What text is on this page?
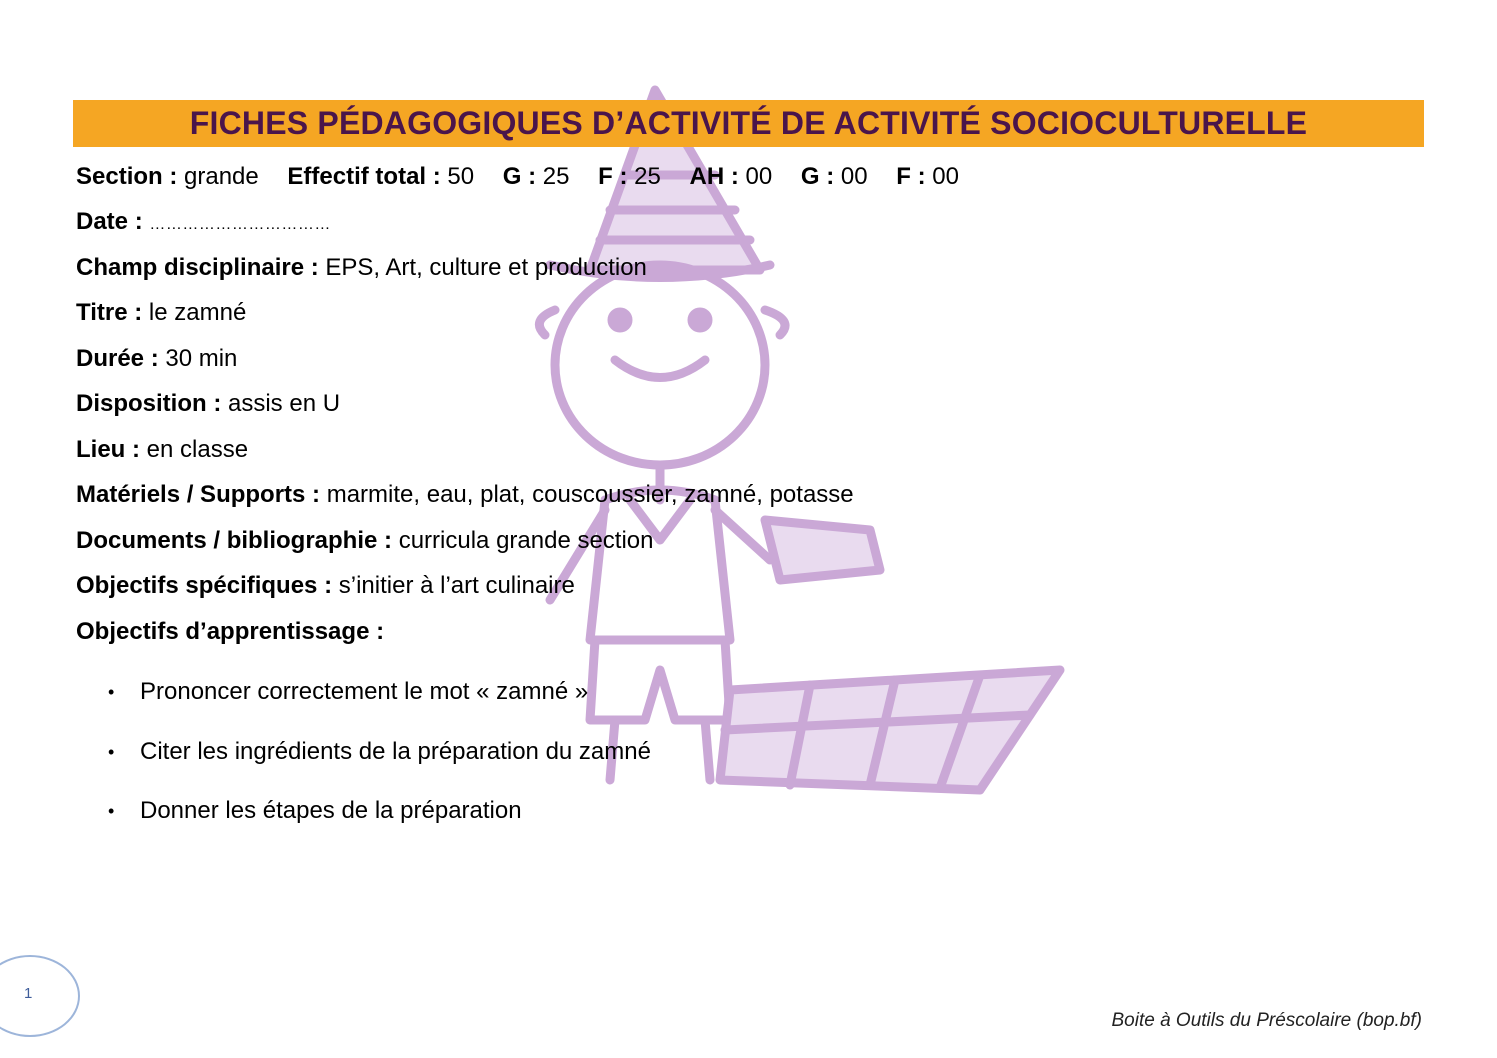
FICHES PÉDAGOGIQUES D’ACTIVITÉ DE ACTIVITÉ SOCIOCULTURELLE
Section : grande Effectif total : 50 G : 25 F : 25 AH : 00 G : 00 F : 00
Date : ……………………………
Champ disciplinaire : EPS, Art, culture et production
Titre : le zamné
Durée : 30 min
Disposition : assis en U
Lieu : en classe
Matériels / Supports : marmite, eau, plat, couscoussier, zamné, potasse
Documents / bibliographie : curricula grande section
Objectifs spécifiques : s’initier à l’art culinaire
Objectifs d’apprentissage :
• Prononcer correctement le mot « zamné »
• Citer les ingrédients de la préparation du zamné
• Donner les étapes de la préparation
1
Boite à Outils du Préscolaire (bop.bf)
